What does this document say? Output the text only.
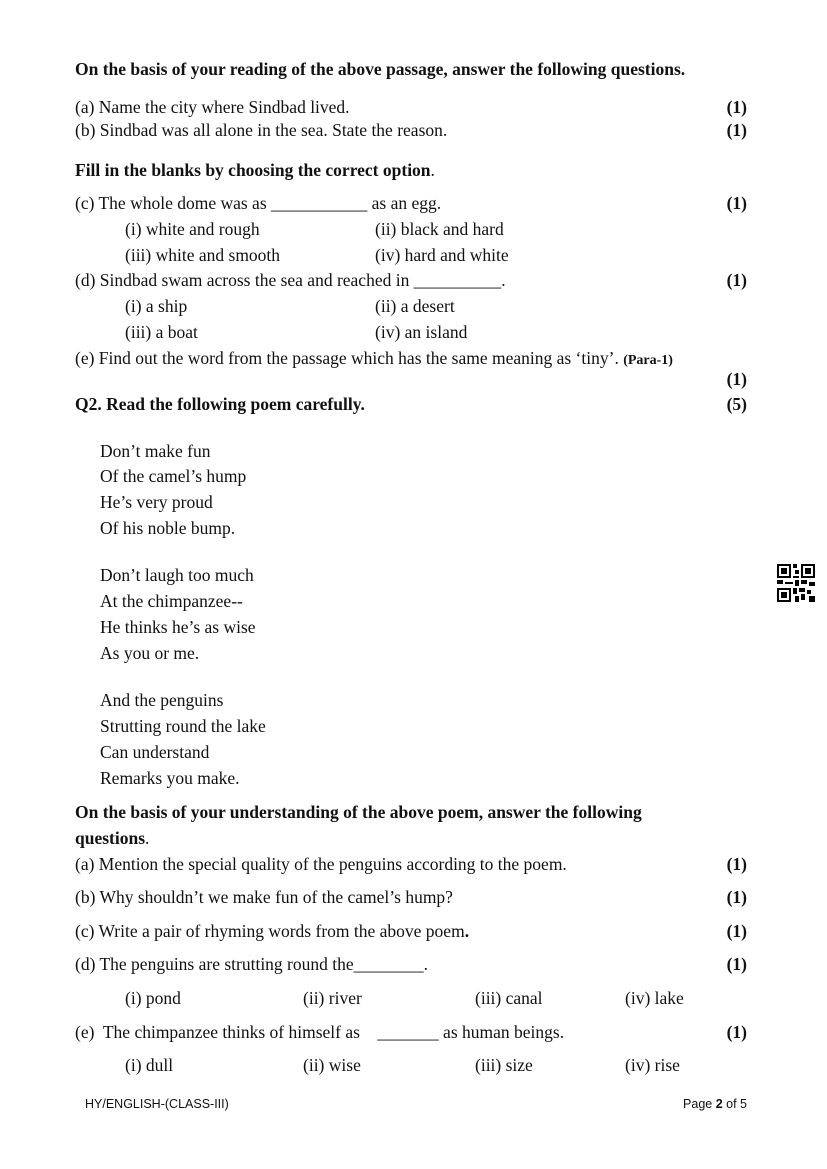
On the basis of your reading of the above passage, answer the following questions.
(a) Name the city where Sindbad lived.	(1)
(b) Sindbad was all alone in the sea. State the reason.	(1)
Fill in the blanks by choosing the correct option.
(c) The whole dome was as ___________ as an egg.	(1)
(i) white and rough	(ii) black and hard
(iii) white and smooth	(iv) hard and white
(d) Sindbad swam across the sea and reached in __________.	(1)
(i) a ship	(ii) a desert
(iii) a boat	(iv) an island
(e) Find out the word from the passage which has the same meaning as ‘tiny’. (Para-1)
(1)
Q2. Read the following poem carefully.	(5)
Don’t make fun
Of the camel’s hump
He’s very proud
Of his noble bump.
Don’t laugh too much
At the chimpanzee--
He thinks he’s as wise
As you or me.
And the penguins
Strutting round the lake
Can understand
Remarks you make.
On the basis of your understanding of the above poem, answer the following
questions.
(a) Mention the special quality of the penguins according to the poem.	(1)
(b) Why shouldn’t we make fun of the camel’s hump?	(1)
(c) Write a pair of rhyming words from the above poem.	(1)
(d) The penguins are strutting round the________.	(1)
(i) pond	(ii) river	(iii) canal	(iv) lake
(e)  The chimpanzee thinks of himself as    _______ as human beings.	(1)
(i) dull	(ii) wise	(iii) size	(iv) rise
HY/ENGLISH-(CLASS-III)	Page 2 of 5
